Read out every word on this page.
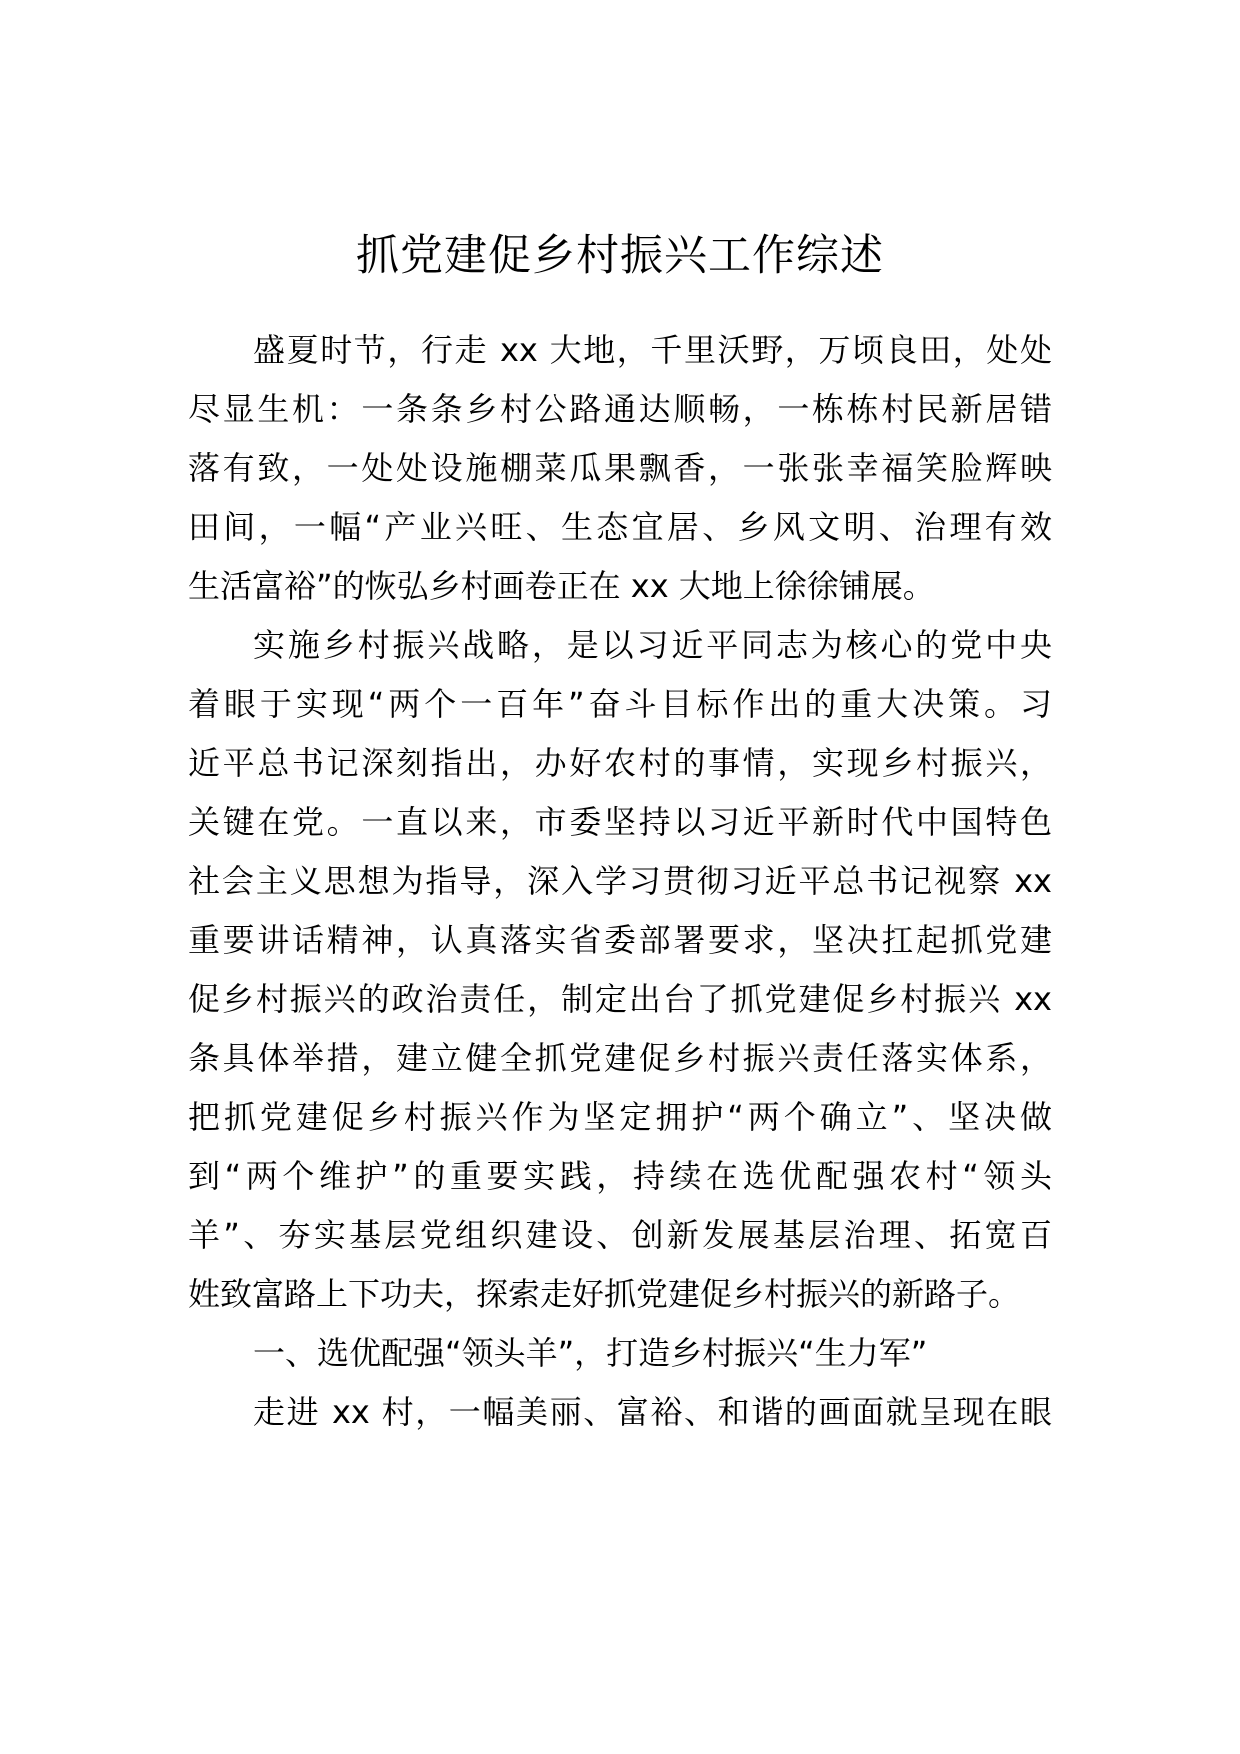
抓党建促乡村振兴工作综述
盛夏时节，行走 xx 大地，千里沃野，万顷良田，处处
尽显生机：一条条乡村公路通达顺畅，一栋栋村民新居错
落有致，一处处设施棚菜瓜果飘香，一张张幸福笑脸辉映
田间，一幅“产业兴旺、生态宜居、乡风文明、治理有效
生活富裕”的恢弘乡村画卷正在 xx 大地上徐徐铺展。
实施乡村振兴战略，是以习近平同志为核心的党中央
着眼于实现“两个一百年”奋斗目标作出的重大决策。习
近平总书记深刻指出，办好农村的事情，实现乡村振兴，
关键在党。一直以来，市委坚持以习近平新时代中国特色
社会主义思想为指导，深入学习贯彻习近平总书记视察 xx
重要讲话精神，认真落实省委部署要求，坚决扛起抓党建
促乡村振兴的政治责任，制定出台了抓党建促乡村振兴 xx
条具体举措，建立健全抓党建促乡村振兴责任落实体系，
把抓党建促乡村振兴作为坚定拥护“两个确立”、坚决做
到“两个维护”的重要实践，持续在选优配强农村“领头
羊”、夯实基层党组织建设、创新发展基层治理、拓宽百
姓致富路上下功夫，探索走好抓党建促乡村振兴的新路子。
一、选优配强“领头羊”，打造乡村振兴“生力军”
走进 xx 村，一幅美丽、富裕、和谐的画面就呈现在眼
